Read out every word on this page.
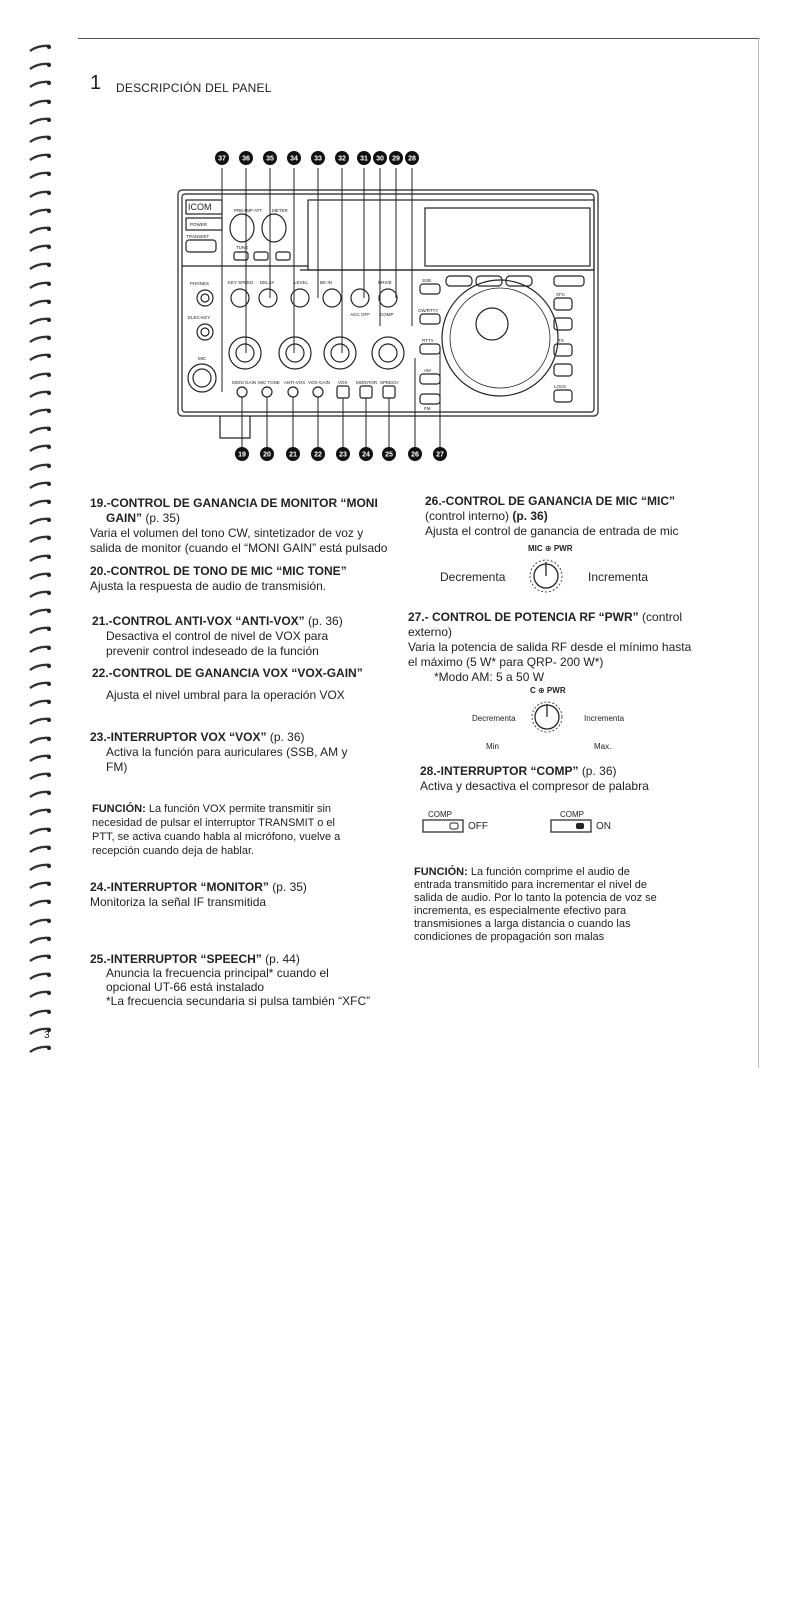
1 DESCRIPCIÓN DEL PANEL
37 36 35 34 33 32 31 30 29 28
19 20	21 22 23 24 25	26 27
ICOM
POWER
TRANSMIT
PREAMP ATT METER
TUNE
PHONES
ELEC-KEY
MIC
KEY SPEED DELAY	LEVEL	BK-IN	DRIVE
AGC OFF COMP
SSB
CW/RTTY
RTTY
AM
FM
XFC
TS
LOCK
MONI GAIN MIC TONE ANTI-VOX VOX-GAIN VOX MONITOR SPEECH
19.-CONTROL DE GANANCIA DE MONITOR “MONI
GAIN” (p. 35)
Varia el volumen del tono CW, sintetizador de voz y
salida de monitor (cuando el “MONI GAIN” está pulsado
20.-CONTROL DE TONO DE MIC “MIC TONE”
Ajusta la respuesta de audio de transmisión.
21.-CONTROL ANTI-VOX “ANTI-VOX” (p. 36)
Desactiva el control de nivel de VOX para
prevenir control indeseado de la función
22.-CONTROL DE GANANCIA VOX “VOX-GAIN”
Ajusta el nivel umbral para la operación VOX
23.-INTERRUPTOR VOX “VOX” (p. 36)
Activa la función para auriculares (SSB, AM y
FM)
FUNCIÓN: La función VOX permite transmitir sin
necesidad de pulsar el interruptor TRANSMIT o el
PTT, se activa cuando habla al micrófono, vuelve a
recepción cuando deja de hablar.
24.-INTERRUPTOR “MONITOR” (p. 35)
Monitoriza la señal IF transmitida
25.-INTERRUPTOR “SPEECH” (p. 44)
Anuncia la frecuencia principal* cuando el
opcional UT-66 está instalado
*La frecuencia secundaria si pulsa también “XFC”
3
26.-CONTROL DE GANANCIA DE MIC “MIC”
(control interno) (p. 36)
Ajusta el control de ganancia de entrada de mic
MIC ⊕ PWR
Decrementa	Incrementa
27.- CONTROL DE POTENCIA RF “PWR” (control
externo)
Varia la potencia de salida RF desde el mínimo hasta
el máximo (5 W* para QRP- 200 W*)
*Modo AM: 5 a 50 W
C ⊕ PWR
Decrementa	Incrementa
Min	Max.
28.-INTERRUPTOR “COMP” (p. 36)
Activa y desactiva el compresor de palabra
COMP
OFF
COMP
ON
FUNCIÓN: La función comprime el audio de
entrada transmitido para incrementar el nivel de
salida de audio. Por lo tanto la potencia de voz se
incrementa, es especialmente efectivo para
transmisiones a larga distancia o cuando las
condiciones de propagación son malas
